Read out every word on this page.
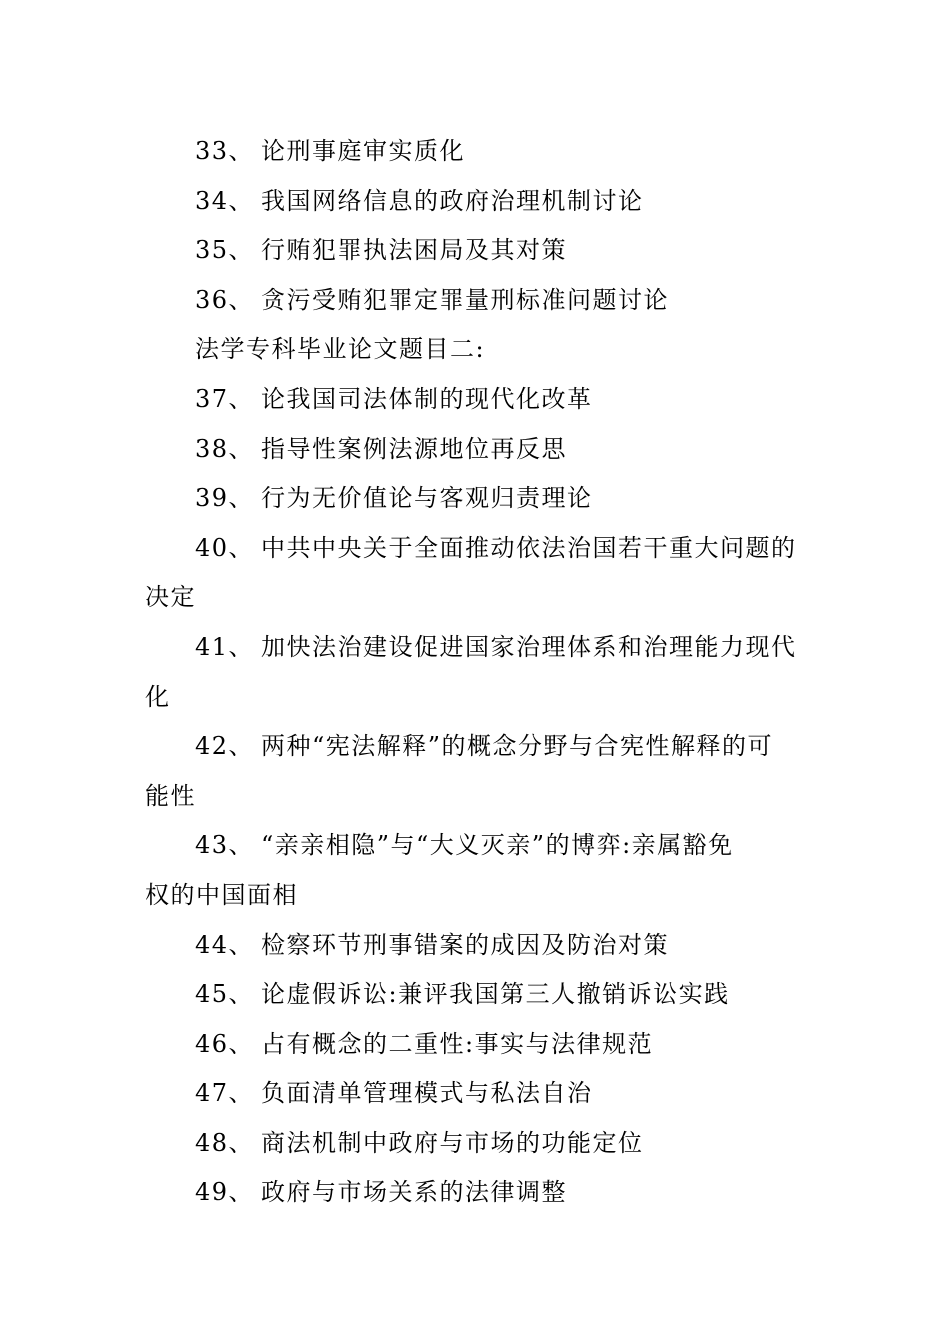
33、 论刑事庭审实质化
34、 我国网络信息的政府治理机制讨论
35、 行贿犯罪执法困局及其对策
36、 贪污受贿犯罪定罪量刑标准问题讨论
法学专科毕业论文题目二:
37、 论我国司法体制的现代化改革
38、 指导性案例法源地位再反思
39、 行为无价值论与客观归责理论
40、 中共中央关于全面推动依法治国若干重大问题的
决定
41、 加快法治建设促进国家治理体系和治理能力现代
化
42、 两种“宪法解释”的概念分野与合宪性解释的可
能性
43、 “亲亲相隐”与“大义灭亲”的博弈:亲属豁免
权的中国面相
44、 检察环节刑事错案的成因及防治对策
45、 论虚假诉讼:兼评我国第三人撤销诉讼实践
46、 占有概念的二重性:事实与法律规范
47、 负面清单管理模式与私法自治
48、 商法机制中政府与市场的功能定位
49、 政府与市场关系的法律调整
